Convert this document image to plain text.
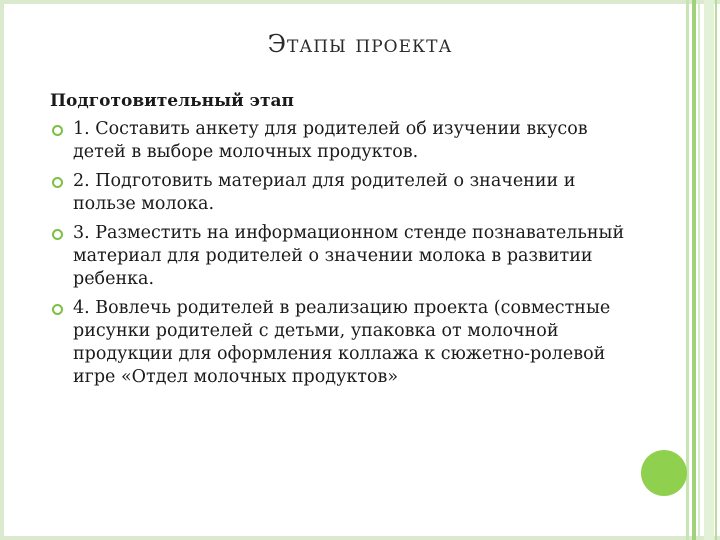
Этапы проекта
Подготовительный этап
1. Составить анкету для родителей об изучении вкусов детей в выборе молочных продуктов.
2. Подготовить материал для родителей о значении и пользе молока.
3. Разместить на информационном стенде познавательный материал для родителей о значении молока в развитии ребенка.
4. Вовлечь родителей в реализацию проекта (совместные рисунки родителей с детьми, упаковка от молочной продукции для оформления коллажа к сюжетно-ролевой игре «Отдел молочных продуктов»
